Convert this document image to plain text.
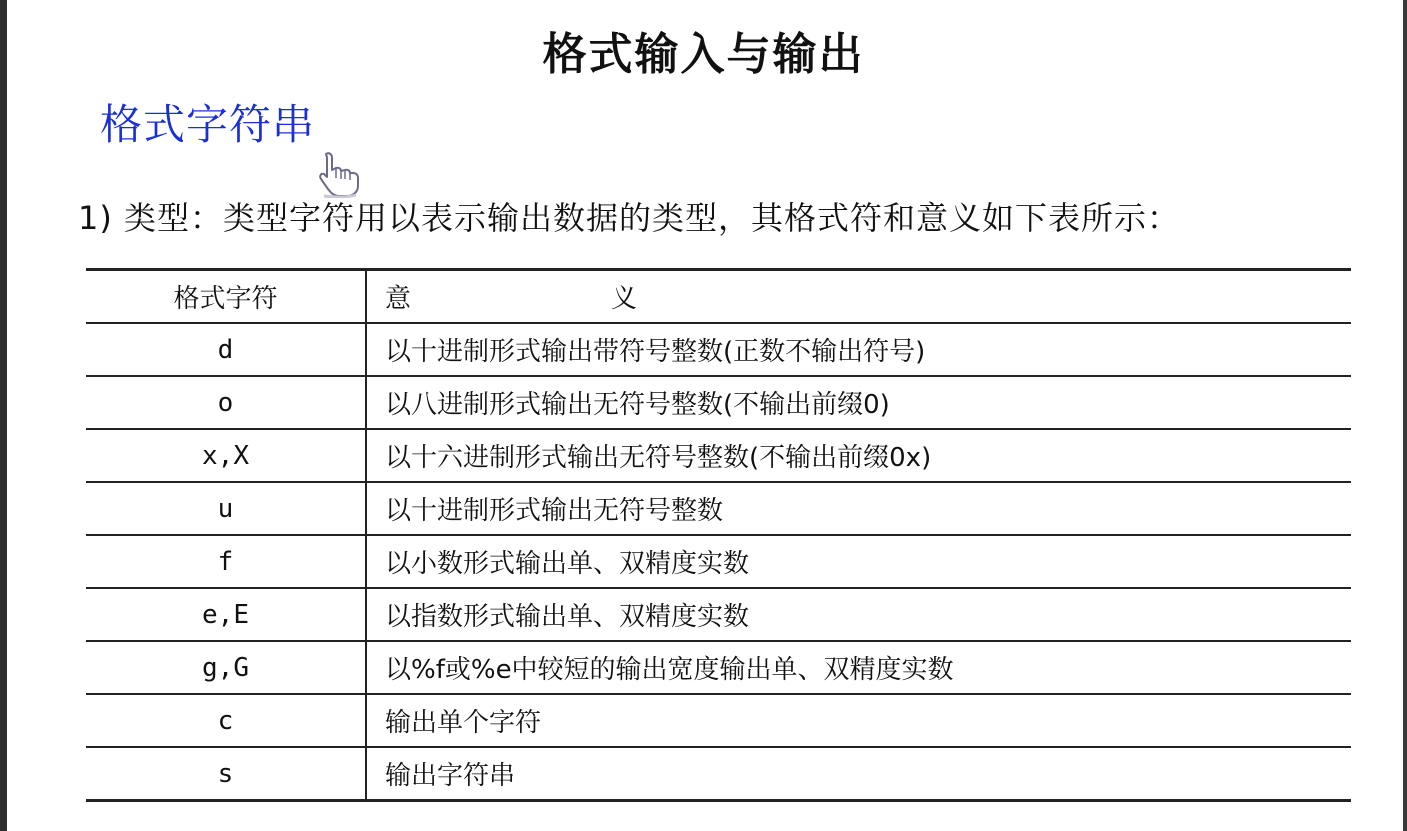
格式输入与输出
格式字符串
1) 类型：类型字符用以表示输出数据的类型，其格式符和意义如下表所示：
格式字符	意 义

d	以十进制形式输出带符号整数(正数不输出符号)
o	以八进制形式输出无符号整数(不输出前缀0)
x,X	以十六进制形式输出无符号整数(不输出前缀0x)
u	以十进制形式输出无符号整数
f	以小数形式输出单、双精度实数
e,E	以指数形式输出单、双精度实数
g,G	以%f或%e中较短的输出宽度输出单、双精度实数
c	输出单个字符
s	输出字符串
